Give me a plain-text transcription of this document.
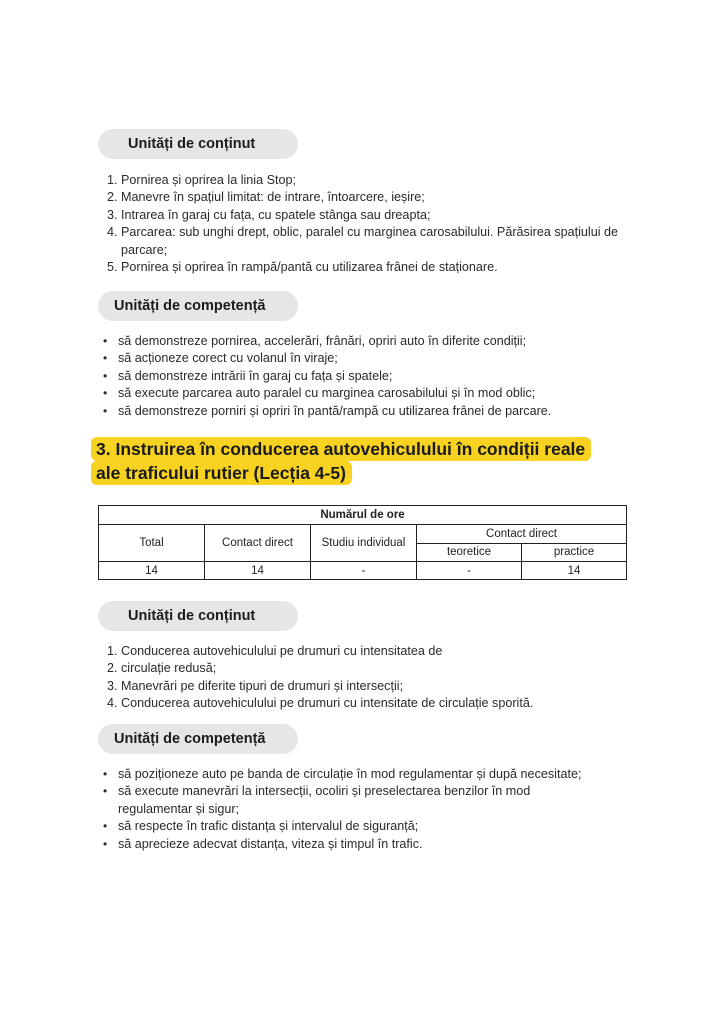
Unități de conținut
1. Pornirea și oprirea la linia Stop;
2. Manevre în spațiul limitat: de intrare, întoarcere, ieșire;
3. Intrarea în garaj cu fața, cu spatele stânga sau dreapta;
4. Parcarea: sub unghi drept, oblic, paralel cu marginea carosabilului. Părăsirea spațiului de parcare;
5. Pornirea și oprirea în rampă/pantă cu utilizarea frânei de staționare.
Unități de competență
• să demonstreze pornirea, accelerări, frânări, opriri auto în diferite condiții;
• să acționeze corect cu volanul în viraje;
• să demonstreze intrării în garaj cu fața și spatele;
• să execute parcarea auto paralel cu marginea carosabilului și în mod oblic;
• să demonstreze porniri și opriri în pantă/rampă cu utilizarea frânei de parcare.
3. Instruirea în conducerea autovehiculului în condiții reale
ale traficului rutier (Lecția 4-5)
Numărul de ore				
Total	Contact direct	Studiu individual	Contact direct	
			teoretice	practice
14	14	-	-	14
Unități de conținut
1. Conducerea autovehiculului pe drumuri cu intensitatea de
2. circulație redusă;
3. Manevrări pe diferite tipuri de drumuri și intersecții;
4. Conducerea autovehiculului pe drumuri cu intensitate de circulație sporită.
Unități de competență
• să poziționeze auto pe banda de circulație în mod regulamentar și după necesitate;
• să execute manevrări la intersecții, ocoliri și preselectarea benzilor în mod regulamentar și sigur;
• să respecte în trafic distanța și intervalul de siguranță;
• să aprecieze adecvat distanța, viteza și timpul în trafic.
